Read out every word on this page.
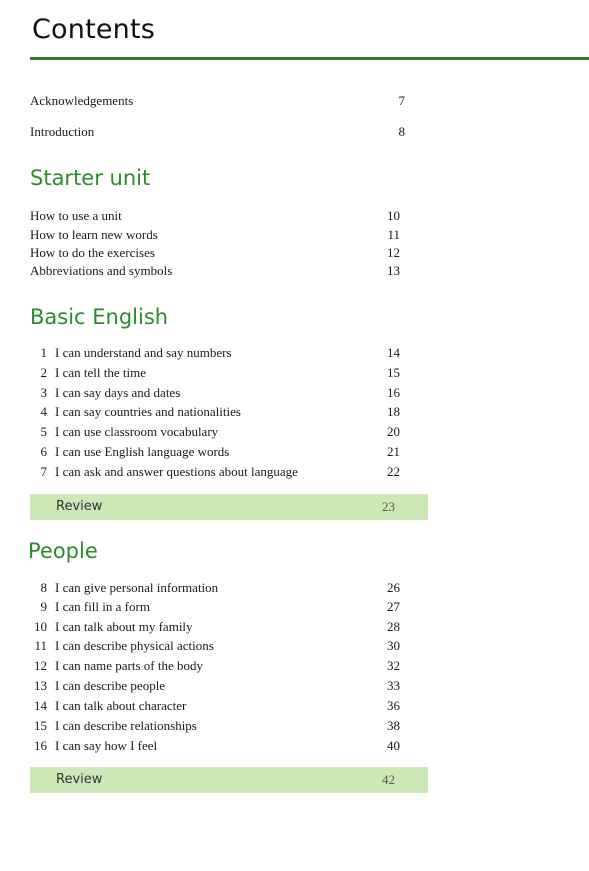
Contents
Acknowledgements	7
Introduction	8
Starter unit
How to use a unit	10
How to learn new words	11
How to do the exercises	12
Abbreviations and symbols	13
Basic English
1 I can understand and say numbers	14
2 I can tell the time	15
3 I can say days and dates	16
4 I can say countries and nationalities	18
5 I can use classroom vocabulary	20
6 I can use English language words	21
7 I can ask and answer questions about language	22
Review	23
People
8 I can give personal information	26
9 I can fill in a form	27
10 I can talk about my family	28
11 I can describe physical actions	30
12 I can name parts of the body	32
13 I can describe people	33
14 I can talk about character	36
15 I can describe relationships	38
16 I can say how I feel	40
Review	42
